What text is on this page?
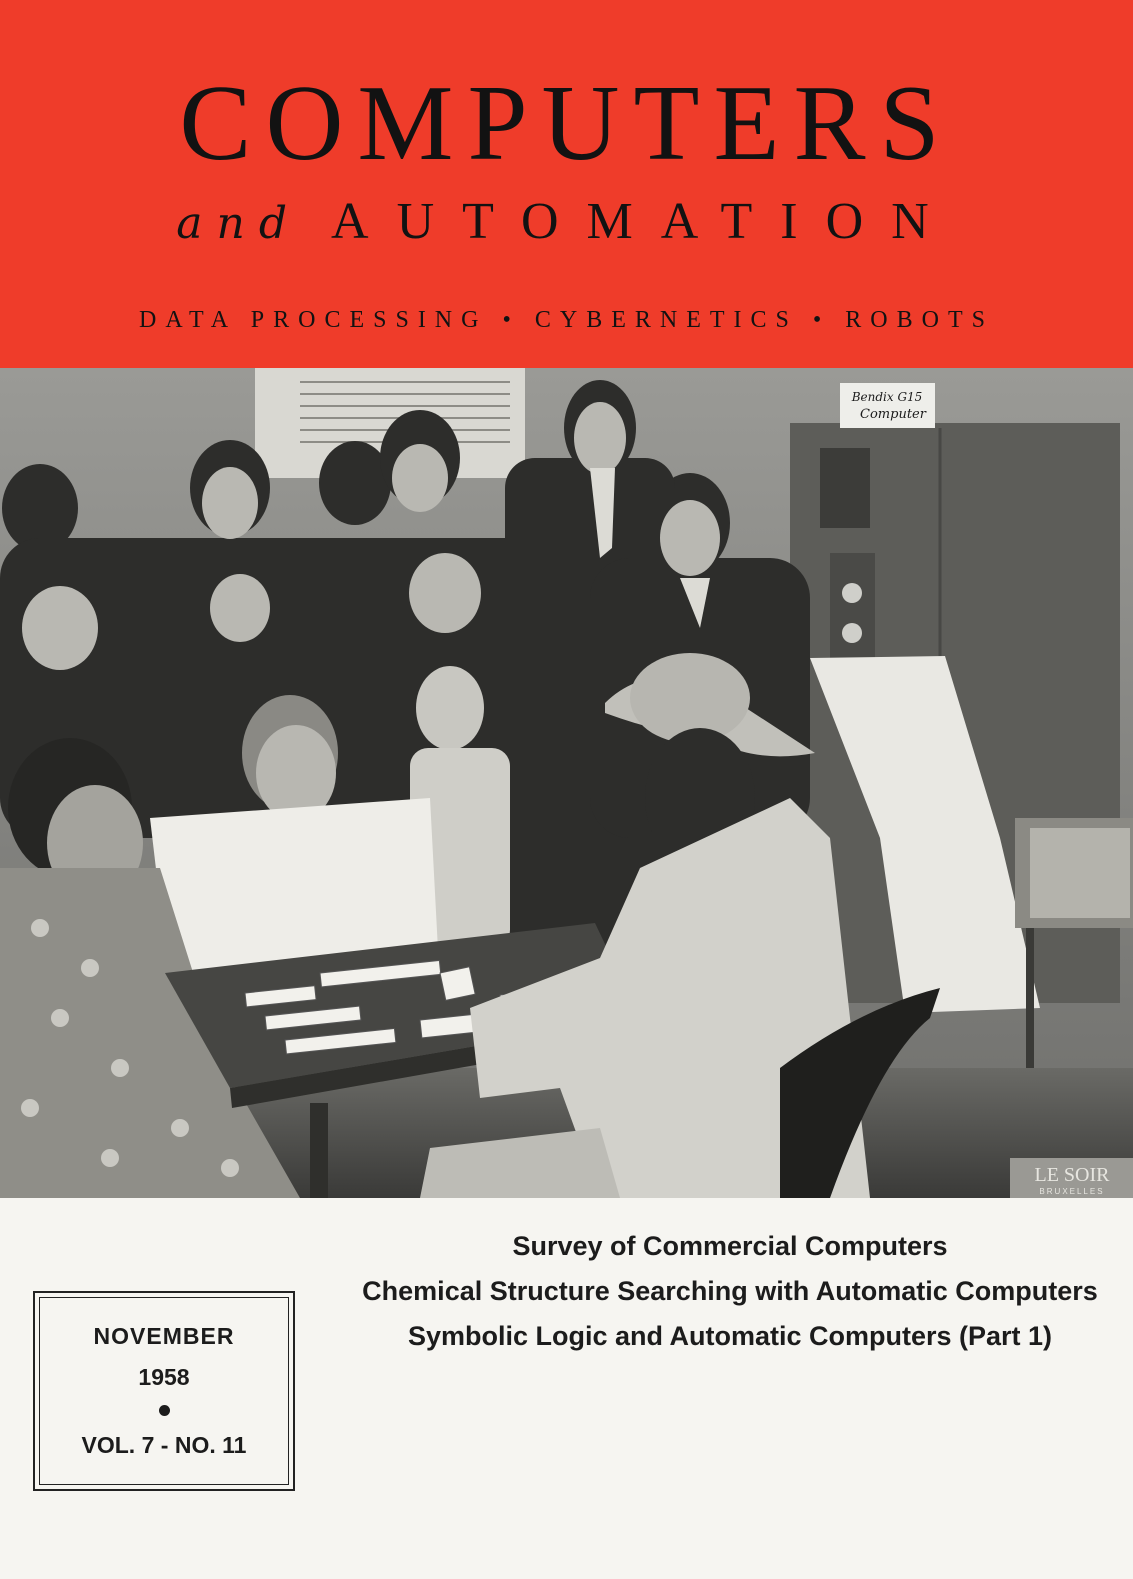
COMPUTERS
and AUTOMATION
DATA PROCESSING • CYBERNETICS • ROBOTS
Bendix G15
Computer
LE SOIR
BRUXELLES
Survey of Commercial Computers
Chemical Structure Searching with Automatic Computers
Symbolic Logic and Automatic Computers (Part 1)
NOVEMBER
1958
VOL. 7 - NO. 11
